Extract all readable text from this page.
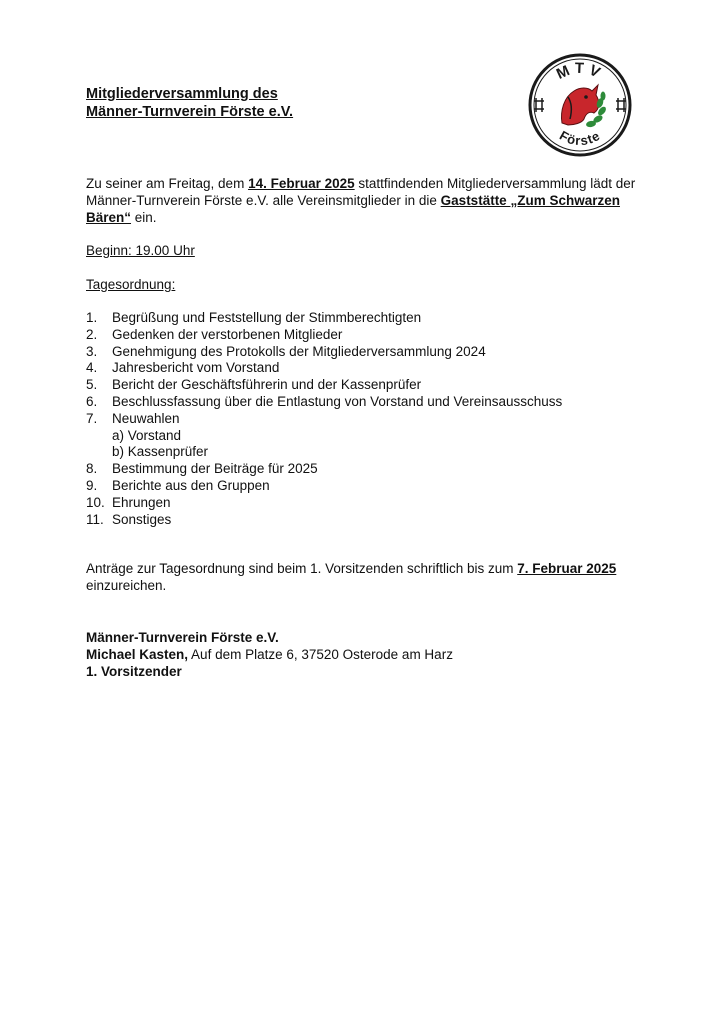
Mitgliederversammlung des
Männer-Turnverein Förste e.V.
MTV
Förste
Zu seiner am Freitag, dem 14. Februar 2025 stattfindenden Mitgliederversammlung lädt der Männer-Turnverein Förste e.V. alle Vereinsmitglieder in die Gaststätte „Zum Schwarzen Bären“ ein.
Beginn: 19.00 Uhr
Tagesordnung:
1.	Begrüßung und Feststellung der Stimmberechtigten
2.	Gedenken der verstorbenen Mitglieder
3.	Genehmigung des Protokolls der Mitgliederversammlung 2024
4.	Jahresbericht vom Vorstand
5.	Bericht der Geschäftsführerin und der Kassenprüfer
6.	Beschlussfassung über die Entlastung von Vorstand und Vereinsausschuss
7.	Neuwahlen
a) Vorstand
b) Kassenprüfer
8.	Bestimmung der Beiträge für 2025
9.	Berichte aus den Gruppen
10. Ehrungen
11. Sonstiges
Anträge zur Tagesordnung sind beim 1. Vorsitzenden schriftlich bis zum 7. Februar 2025 einzureichen.
Männer-Turnverein Förste e.V.
Michael Kasten, Auf dem Platze 6, 37520 Osterode am Harz
1. Vorsitzender
